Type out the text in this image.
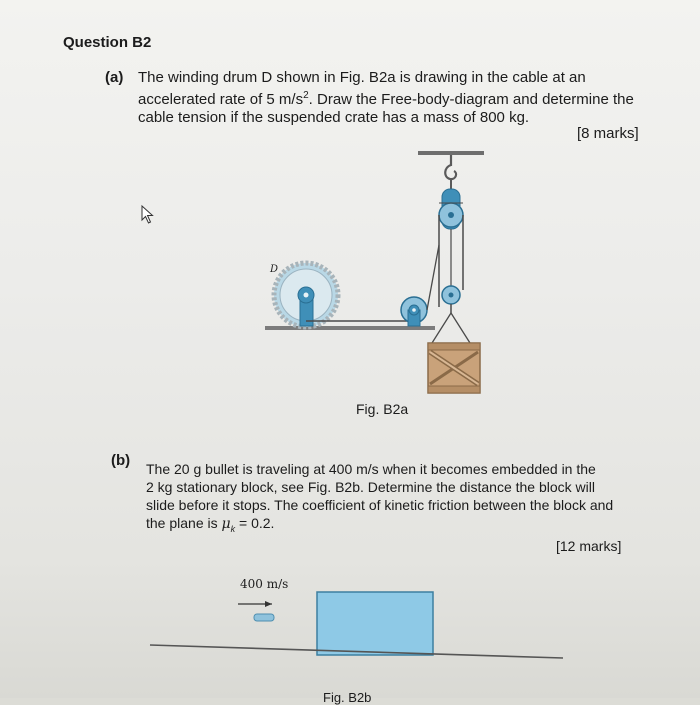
Question B2
(a) The winding drum D shown in Fig. B2a is drawing in the cable at an
accelerated rate of 5 $m/s^2$. Draw the Free-body-diagram and determine the
cable tension if the suspended crate has a mass of 800 kg.
[8 marks]
D
Fig. B2a
(b) The 20 g bullet is traveling at 400 m/s when it becomes embedded in the
2 kg stationary block, see Fig. B2b. Determine the distance the block will
slide before it stops. The coefficient of kinetic friction between the block and
the plane is $\mu_k = 0.2$.
[12 marks]
400 m/s
Fig. B2b
